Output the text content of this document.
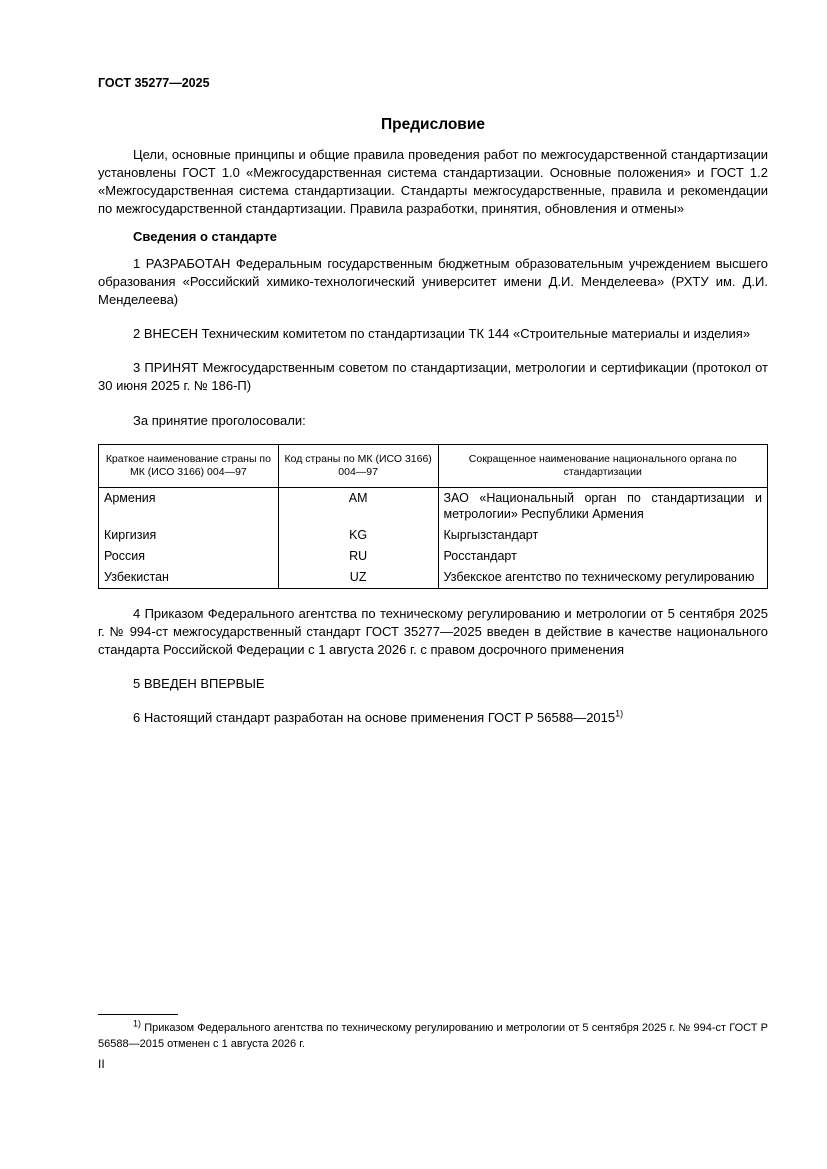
ГОСТ 35277—2025
Предисловие

Цели, основные принципы и общие правила проведения работ по межгосударственной стандартизации установлены ГОСТ 1.0 «Межгосударственная система стандартизации. Основные положения» и ГОСТ 1.2 «Межгосударственная система стандартизации. Стандарты межгосударственные, правила и рекомендации по межгосударственной стандартизации. Правила разработки, принятия, обновления и отмены»

Сведения о стандарте

1 РАЗРАБОТАН Федеральным государственным бюджетным образовательным учреждением высшего образования «Российский химико-технологический университет имени Д.И. Менделеева» (РХТУ им. Д.И. Менделеева)

2 ВНЕСЕН Техническим комитетом по стандартизации ТК 144 «Строительные материалы и изделия»

3 ПРИНЯТ Межгосударственным советом по стандартизации, метрологии и сертификации (протокол от 30 июня 2025 г. № 186-П)

За принятие проголосовали:

Краткое наименование страны по МК (ИСО 3166) 004—97	Код страны по МК (ИСО 3166) 004—97	Сокращенное наименование национального органа по стандартизации
Армения	AM	ЗАО «Национальный орган по стандартизации и метрологии» Республики Армения
Киргизия	KG	Кыргызстандарт
Россия	RU	Росстандарт
Узбекистан	UZ	Узбекское агентство по техническому регулированию

4 Приказом Федерального агентства по техническому регулированию и метрологии от 5 сентября 2025 г. № 994-ст межгосударственный стандарт ГОСТ 35277—2025 введен в действие в качестве национального стандарта Российской Федерации с 1 августа 2026 г. с правом досрочного применения

5 ВВЕДЕН ВПЕРВЫЕ

6 Настоящий стандарт разработан на основе применения ГОСТ Р 56588—2015$^{1)}$

$^{1)}$ Приказом Федерального агентства по техническому регулированию и метрологии от 5 сентября 2025 г. № 994-ст ГОСТ Р 56588—2015 отменен с 1 августа 2026 г.

II
